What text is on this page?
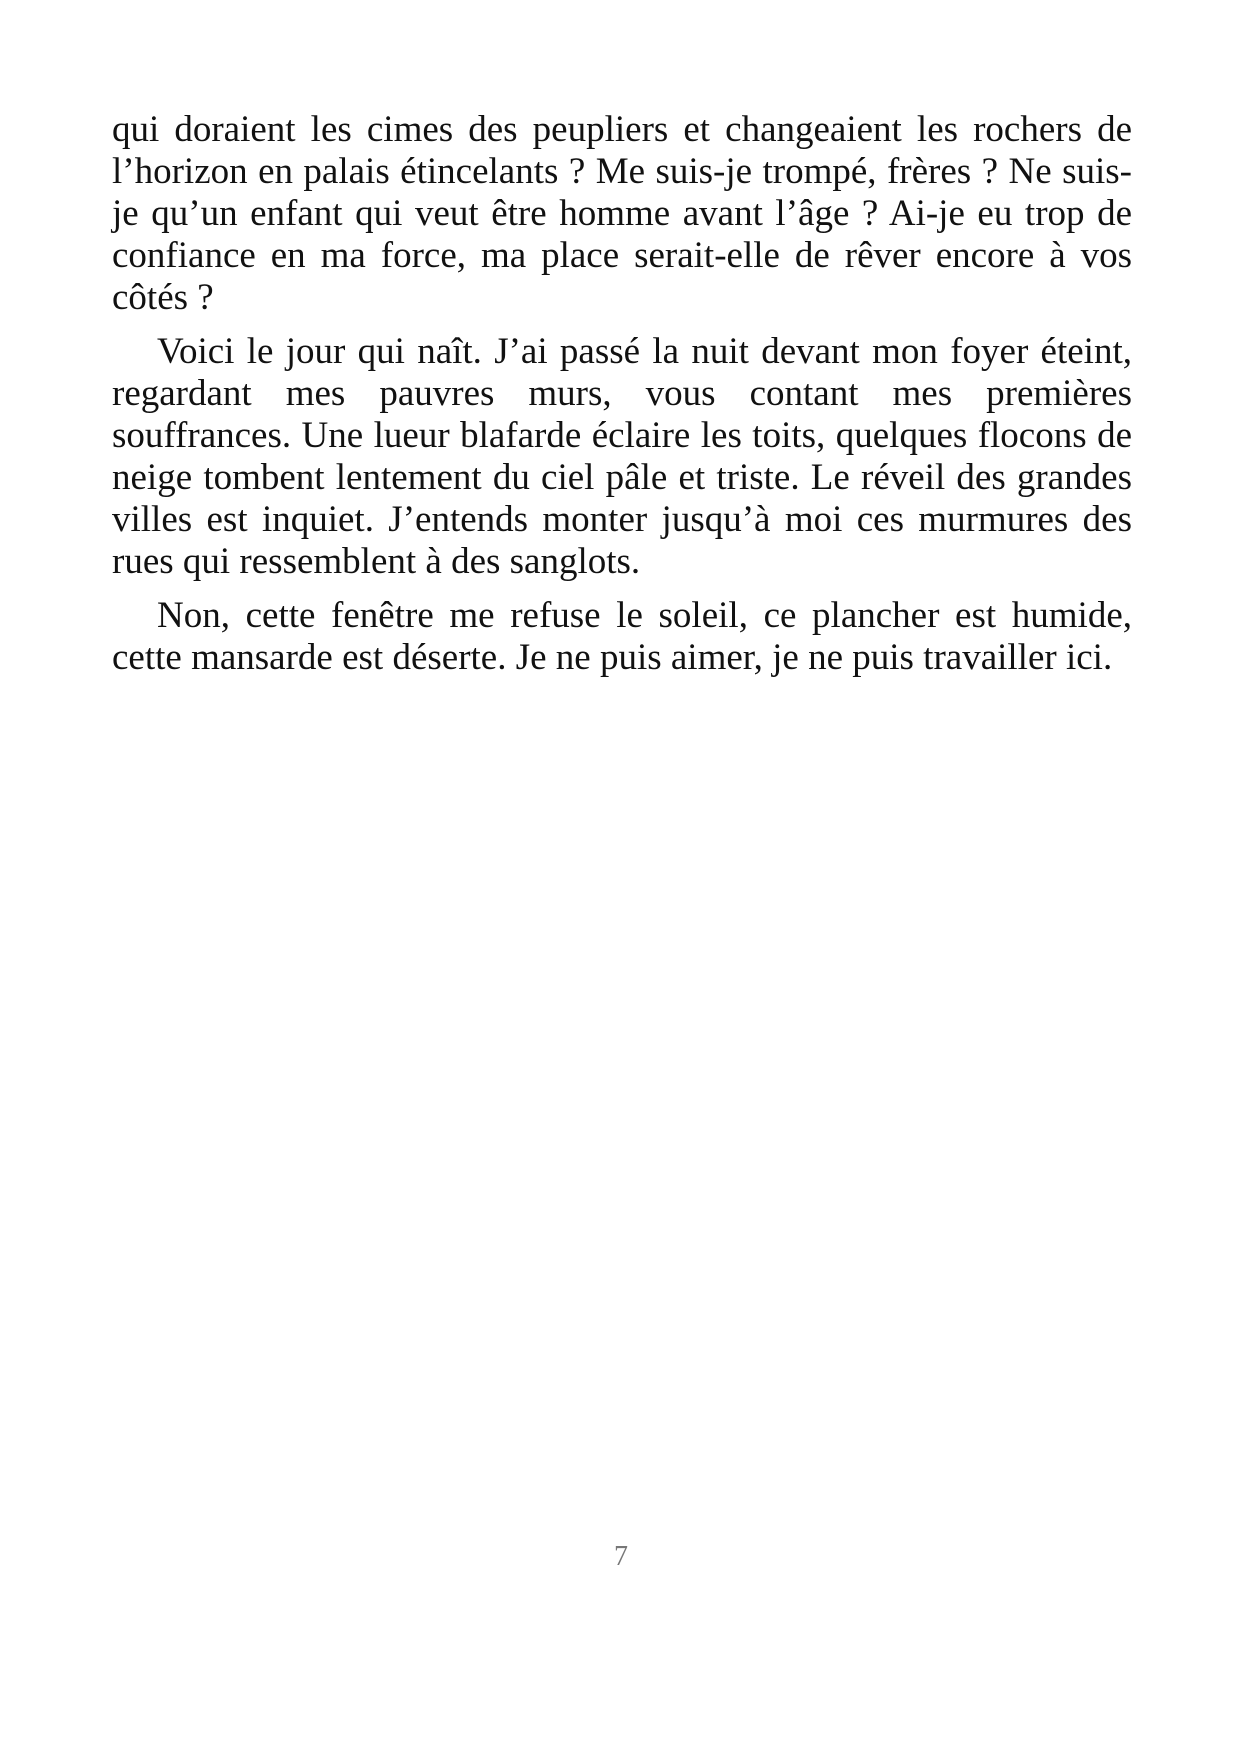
qui doraient les cimes des peupliers et changeaient les rochers de l’horizon en palais étincelants ? Me suis-je trompé, frères ? Ne suis-je qu’un enfant qui veut être homme avant l’âge ? Ai-je eu trop de confiance en ma force, ma place serait-elle de rêver encore à vos côtés ?

Voici le jour qui naît. J’ai passé la nuit devant mon foyer éteint, regardant mes pauvres murs, vous contant mes premières souffrances. Une lueur blafarde éclaire les toits, quelques flocons de neige tombent lentement du ciel pâle et triste. Le réveil des grandes villes est inquiet. J’entends monter jusqu’à moi ces murmures des rues qui ressemblent à des sanglots.

Non, cette fenêtre me refuse le soleil, ce plancher est humide, cette mansarde est déserte. Je ne puis aimer, je ne puis travailler ici.

7
